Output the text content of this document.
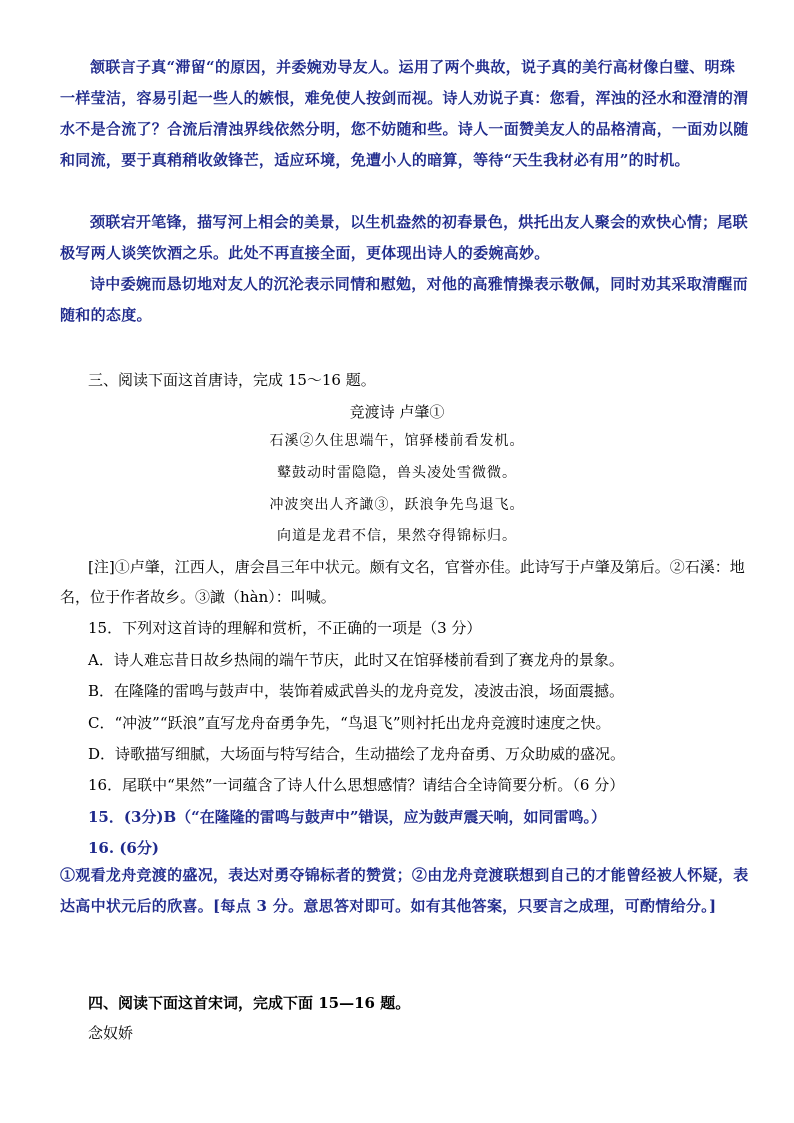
颔联言子真“滞留“的原因，并委婉劝导友人。运用了两个典故，说子真的美行高材像白璧、明珠一样莹洁，容易引起一些人的嫉恨，难免使人按剑而视。诗人劝说子真：您看，浑浊的泾水和澄清的渭水不是合流了？合流后清浊界线依然分明，您不妨随和些。诗人一面赞美友人的品格清高，一面劝以随和同流，要于真稍稍收敛锋芒，适应环境，免遭小人的暗算，等待“天生我材必有用”的时机。
颈联宕开笔锋，描写河上相会的美景，以生机盎然的初春景色，烘托出友人聚会的欢快心情；尾联极写两人谈笑饮酒之乐。此处不再直接全面，更体现出诗人的委婉高妙。
诗中委婉而恳切地对友人的沉沦表示同情和慰勉，对他的高雅情操表示敬佩，同时劝其采取清醒而随和的态度。
三、阅读下面这首唐诗，完成 15～16 题。
竞渡诗 卢肇①
石溪②久住思端午，馆驿楼前看发机。
鼙鼓动时雷隐隐，兽头凌处雪微微。
冲波突出人齐譀③，跃浪争先鸟退飞。
向道是龙君不信，果然夺得锦标归。
[注]①卢肇，江西人，唐会昌三年中状元。颇有文名，官誉亦佳。此诗写于卢肇及第后。②石溪：地 名，位于作者故乡。③譀（hàn）：叫喊。
15．下列对这首诗的理解和赏析，不正确的一项是（3 分）
A．诗人难忘昔日故乡热闹的端午节庆，此时又在馆驿楼前看到了赛龙舟的景象。
B．在隆隆的雷鸣与鼓声中，装饰着威武兽头的龙舟竞发，凌波击浪，场面震撼。
C．“冲波”“跃浪”直写龙舟奋勇争先，“鸟退飞”则衬托出龙舟竞渡时速度之快。
D．诗歌描写细腻，大场面与特写结合，生动描绘了龙舟奋勇、万众助威的盛况。
16．尾联中“果然”一词蕴含了诗人什么思想感情？请结合全诗简要分析。（6 分）
15．(3分)B（“在隆隆的雷鸣与鼓声中”错误，应为鼓声震天响，如同雷鸣。）
16. (6分)
①观看龙舟竞渡的盛况，表达对勇夺锦标者的赞赏；②由龙舟竞渡联想到自己的才能曾经被人怀疑，表达高中状元后的欣喜。[每点 3 分。意思答对即可。如有其他答案，只要言之成理，可酌情给分。]
四、阅读下面这首宋词，完成下面 15—16 题。
念奴娇
